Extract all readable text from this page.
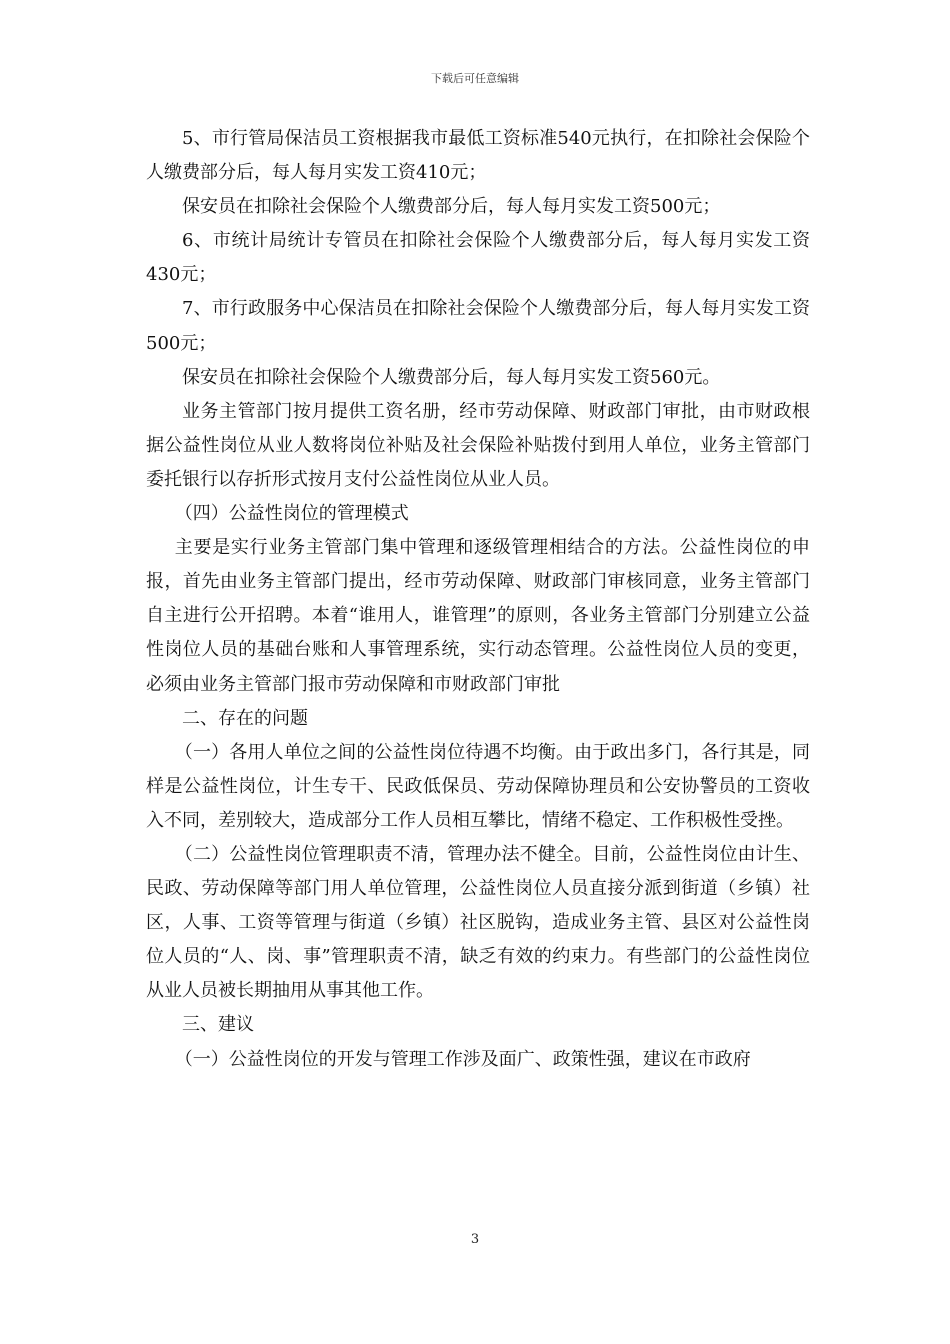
下载后可任意编辑

5、市行管局保洁员工资根据我市最低工资标准540元执行，在扣除社会保险个人缴费部分后，每人每月实发工资410元；

保安员在扣除社会保险个人缴费部分后，每人每月实发工资500元；

6、市统计局统计专管员在扣除社会保险个人缴费部分后，每人每月实发工资430元；

7、市行政服务中心保洁员在扣除社会保险个人缴费部分后，每人每月实发工资500元；

保安员在扣除社会保险个人缴费部分后，每人每月实发工资560元。

业务主管部门按月提供工资名册，经市劳动保障、财政部门审批，由市财政根据公益性岗位从业人数将岗位补贴及社会保险补贴拨付到用人单位，业务主管部门委托银行以存折形式按月支付公益性岗位从业人员。

（四）公益性岗位的管理模式

主要是实行业务主管部门集中管理和逐级管理相结合的方法。公益性岗位的申报，首先由业务主管部门提出，经市劳动保障、财政部门审核同意，业务主管部门自主进行公开招聘。本着“谁用人，谁管理”的原则，各业务主管部门分别建立公益性岗位人员的基础台账和人事管理系统，实行动态管理。公益性岗位人员的变更，必须由业务主管部门报市劳动保障和市财政部门审批

二、存在的问题

（一）各用人单位之间的公益性岗位待遇不均衡。由于政出多门，各行其是，同样是公益性岗位，计生专干、民政低保员、劳动保障协理员和公安协警员的工资收入不同，差别较大，造成部分工作人员相互攀比，情绪不稳定、工作积极性受挫。

（二）公益性岗位管理职责不清，管理办法不健全。目前，公益性岗位由计生、民政、劳动保障等部门用人单位管理，公益性岗位人员直接分派到街道（乡镇）社区，人事、工资等管理与街道（乡镇）社区脱钩，造成业务主管、县区对公益性岗位人员的“人、岗、事”管理职责不清，缺乏有效的约束力。有些部门的公益性岗位从业人员被长期抽用从事其他工作。

三、建议

（一）公益性岗位的开发与管理工作涉及面广、政策性强，建议在市政府

3
